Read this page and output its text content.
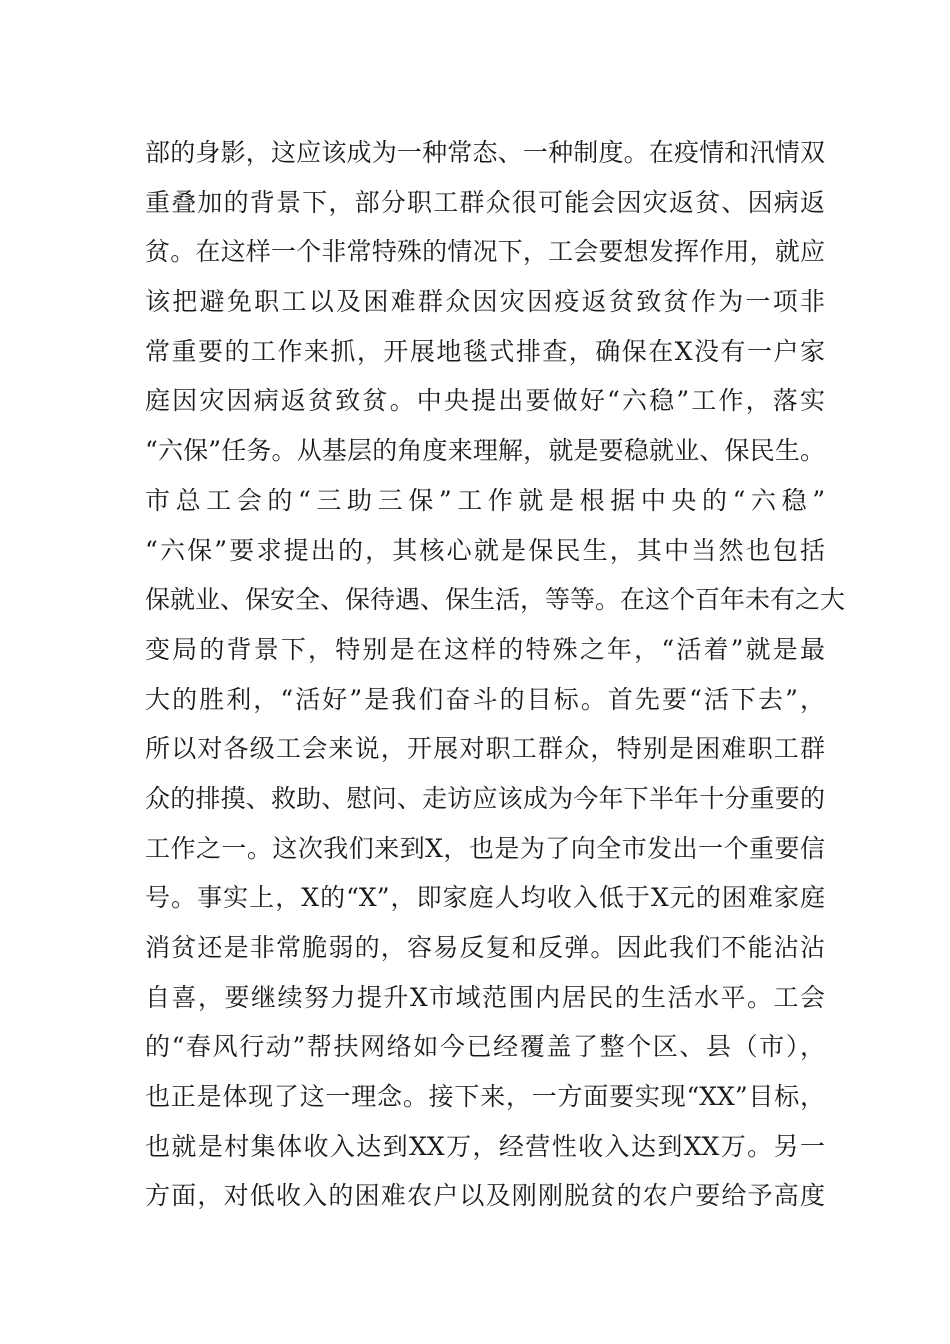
部的身影，这应该成为一种常态、一种制度。在疫情和汛情双
重叠加的背景下，部分职工群众很可能会因灾返贫、因病返
贫。在这样一个非常特殊的情况下，工会要想发挥作用，就应
该把避免职工以及困难群众因灾因疫返贫致贫作为一项非
常重要的工作来抓，开展地毯式排查，确保在X没有一户家
庭因灾因病返贫致贫。中央提出要做好“六稳”工作，落实
“六保”任务。从基层的角度来理解，就是要稳就业、保民生。
市总工会的“三助三保”工作就是根据中央的“六稳”
“六保”要求提出的，其核心就是保民生，其中当然也包括
保就业、保安全、保待遇、保生活，等等。在这个百年未有之大
变局的背景下，特别是在这样的特殊之年，“活着”就是最
大的胜利，“活好”是我们奋斗的目标。首先要“活下去”，
所以对各级工会来说，开展对职工群众，特别是困难职工群
众的排摸、救助、慰问、走访应该成为今年下半年十分重要的
工作之一。这次我们来到X，也是为了向全市发出一个重要信
号。事实上，X的“X”，即家庭人均收入低于X元的困难家庭
消贫还是非常脆弱的，容易反复和反弹。因此我们不能沾沾
自喜，要继续努力提升X市域范围内居民的生活水平。工会
的“春风行动”帮扶网络如今已经覆盖了整个区、县（市），
也正是体现了这一理念。接下来，一方面要实现“XX”目标，
也就是村集体收入达到XX万，经营性收入达到XX万。另一
方面，对低收入的困难农户以及刚刚脱贫的农户要给予高度
